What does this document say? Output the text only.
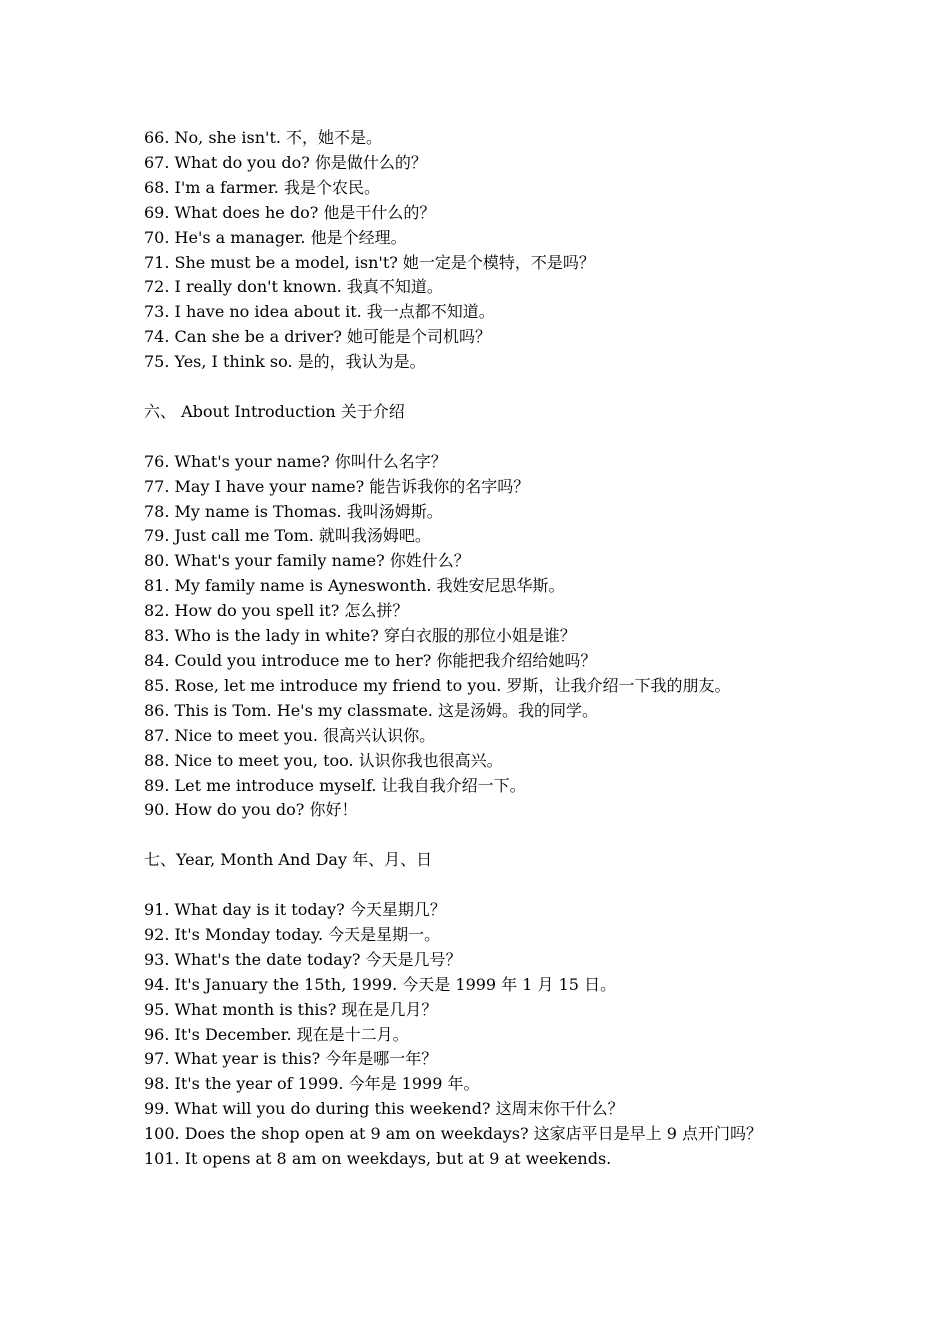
66. No, she isn't. 不，她不是。
67. What do you do? 你是做什么的？
68. I'm a farmer. 我是个农民。
69. What does he do? 他是干什么的？
70. He's a manager. 他是个经理。
71. She must be a model, isn't? 她一定是个模特，不是吗？
72. I really don't known. 我真不知道。
73. I have no idea about it. 我一点都不知道。
74. Can she be a driver? 她可能是个司机吗？
75. Yes, I think so. 是的，我认为是。
六、 About Introduction 关于介绍
76. What's your name? 你叫什么名字？
77. May I have your name? 能告诉我你的名字吗？
78. My name is Thomas. 我叫汤姆斯。
79. Just call me Tom. 就叫我汤姆吧。
80. What's your family name? 你姓什么？
81. My family name is Ayneswonth. 我姓安尼思华斯。
82. How do you spell it? 怎么拼？
83. Who is the lady in white? 穿白衣服的那位小姐是谁？
84. Could you introduce me to her? 你能把我介绍给她吗？
85. Rose, let me introduce my friend to you. 罗斯，让我介绍一下我的朋友。
86. This is Tom. He's my classmate. 这是汤姆。我的同学。
87. Nice to meet you. 很高兴认识你。
88. Nice to meet you, too. 认识你我也很高兴。
89. Let me introduce myself. 让我自我介绍一下。
90. How do you do? 你好！
七、Year, Month And Day 年、月、日
91. What day is it today? 今天星期几？
92. It's Monday today. 今天是星期一。
93. What's the date today? 今天是几号？
94. It's January the 15th, 1999. 今天是 1999 年 1 月 15 日。
95. What month is this? 现在是几月？
96. It's December. 现在是十二月。
97. What year is this? 今年是哪一年？
98. It's the year of 1999. 今年是 1999 年。
99. What will you do during this weekend? 这周末你干什么？
100. Does the shop open at 9 am on weekdays? 这家店平日是早上 9 点开门吗？
101. It opens at 8 am on weekdays, but at 9 at weekends.
